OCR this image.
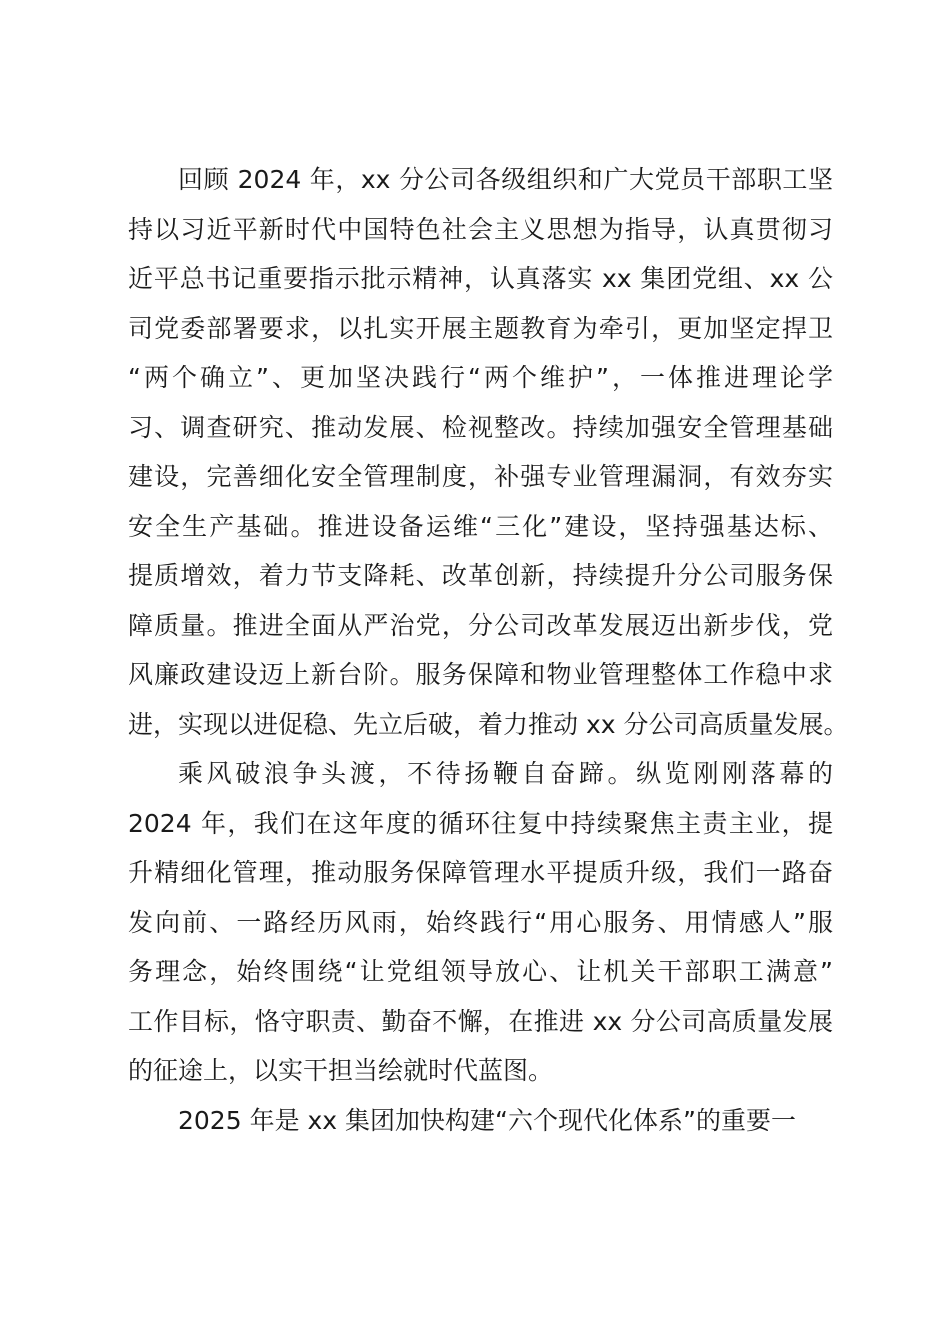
回顾 2024 年，xx 分公司各级组织和广大党员干部职工坚
持以习近平新时代中国特色社会主义思想为指导，认真贯彻习
近平总书记重要指示批示精神，认真落实 xx 集团党组、xx 公
司党委部署要求，以扎实开展主题教育为牵引，更加坚定捍卫
“两个确立”、更加坚决践行“两个维护”，一体推进理论学
习、调查研究、推动发展、检视整改。持续加强安全管理基础
建设，完善细化安全管理制度，补强专业管理漏洞，有效夯实
安全生产基础。推进设备运维“三化”建设，坚持强基达标、
提质增效，着力节支降耗、改革创新，持续提升分公司服务保
障质量。推进全面从严治党，分公司改革发展迈出新步伐，党
风廉政建设迈上新台阶。服务保障和物业管理整体工作稳中求
进，实现以进促稳、先立后破，着力推动 xx 分公司高质量发展。
乘风破浪争头渡，不待扬鞭自奋蹄。纵览刚刚落幕的
2024 年，我们在这年度的循环往复中持续聚焦主责主业，提
升精细化管理，推动服务保障管理水平提质升级，我们一路奋
发向前、一路经历风雨，始终践行“用心服务、用情感人”服
务理念，始终围绕“让党组领导放心、让机关干部职工满意”
工作目标，恪守职责、勤奋不懈，在推进 xx 分公司高质量发展
的征途上，以实干担当绘就时代蓝图。
2025 年是 xx 集团加快构建“六个现代化体系”的重要一
